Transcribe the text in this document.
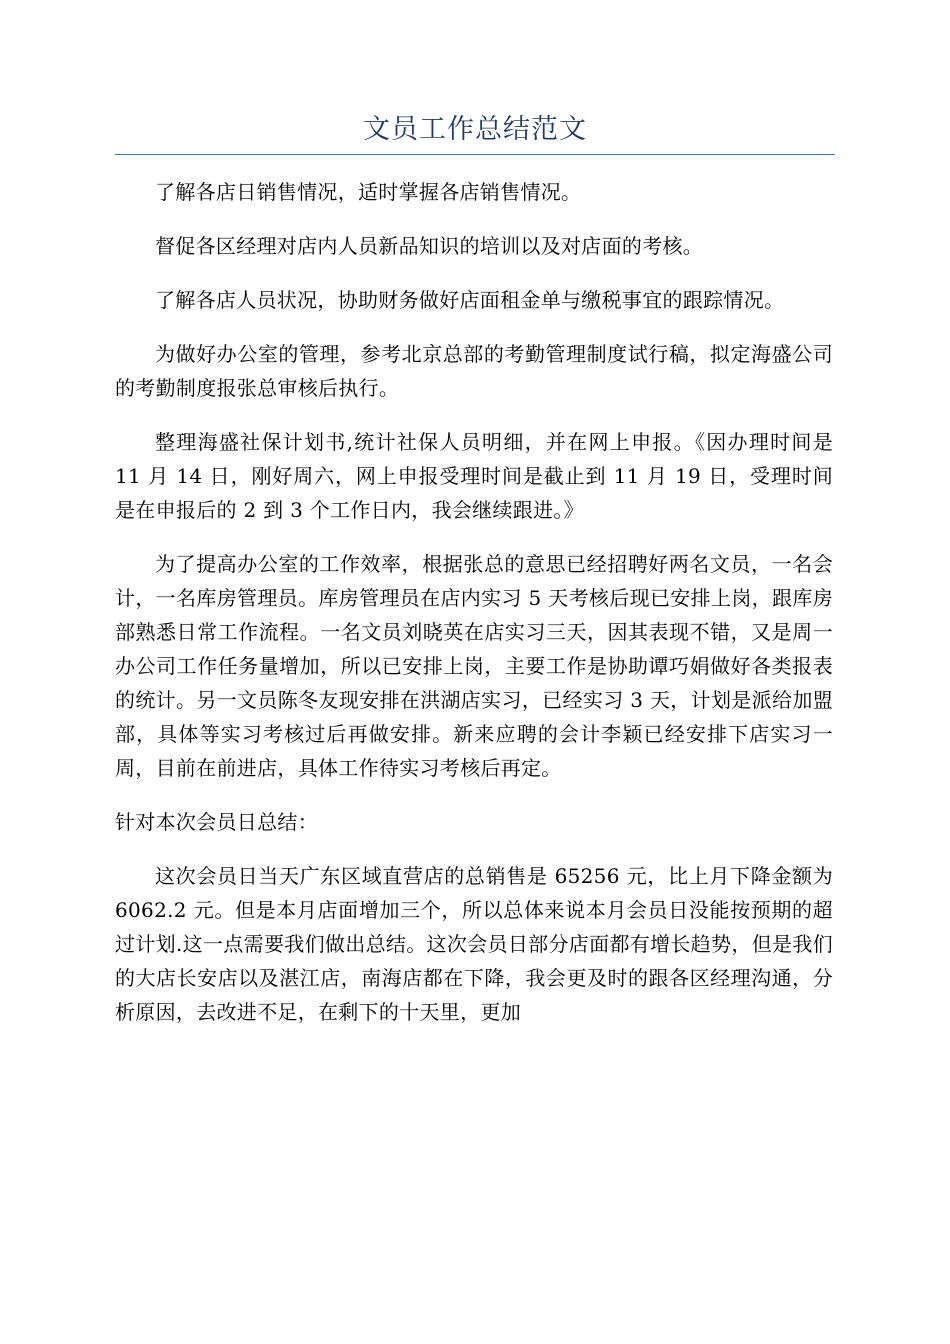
文员工作总结范文

了解各店日销售情况，适时掌握各店销售情况。

督促各区经理对店内人员新品知识的培训以及对店面的考核。

了解各店人员状况，协助财务做好店面租金单与缴税事宜的跟踪情况。

为做好办公室的管理，参考北京总部的考勤管理制度试行稿，拟定海盛公司的考勤制度报张总审核后执行。

整理海盛社保计划书,统计社保人员明细，并在网上申报。《因办理时间是 11 月 14 日，刚好周六，网上申报受理时间是截止到 11 月 19 日，受理时间是在申报后的 2 到 3 个工作日内，我会继续跟进。》

为了提高办公室的工作效率，根据张总的意思已经招聘好两名文员，一名会计，一名库房管理员。库房管理员在店内实习 5 天考核后现已安排上岗，跟库房部熟悉日常工作流程。一名文员刘晓英在店实习三天，因其表现不错，又是周一办公司工作任务量增加，所以已安排上岗，主要工作是协助谭巧娟做好各类报表的统计。另一文员陈冬友现安排在洪湖店实习，已经实习 3 天，计划是派给加盟部，具体等实习考核过后再做安排。新来应聘的会计李颖已经安排下店实习一周，目前在前进店，具体工作待实习考核后再定。

针对本次会员日总结：

这次会员日当天广东区域直营店的总销售是 65256 元，比上月下降金额为 6062.2 元。但是本月店面增加三个，所以总体来说本月会员日没能按预期的超过计划.这一点需要我们做出总结。这次会员日部分店面都有增长趋势，但是我们的大店长安店以及湛江店，南海店都在下降，我会更及时的跟各区经理沟通，分析原因，去改进不足，在剩下的十天里，更加
